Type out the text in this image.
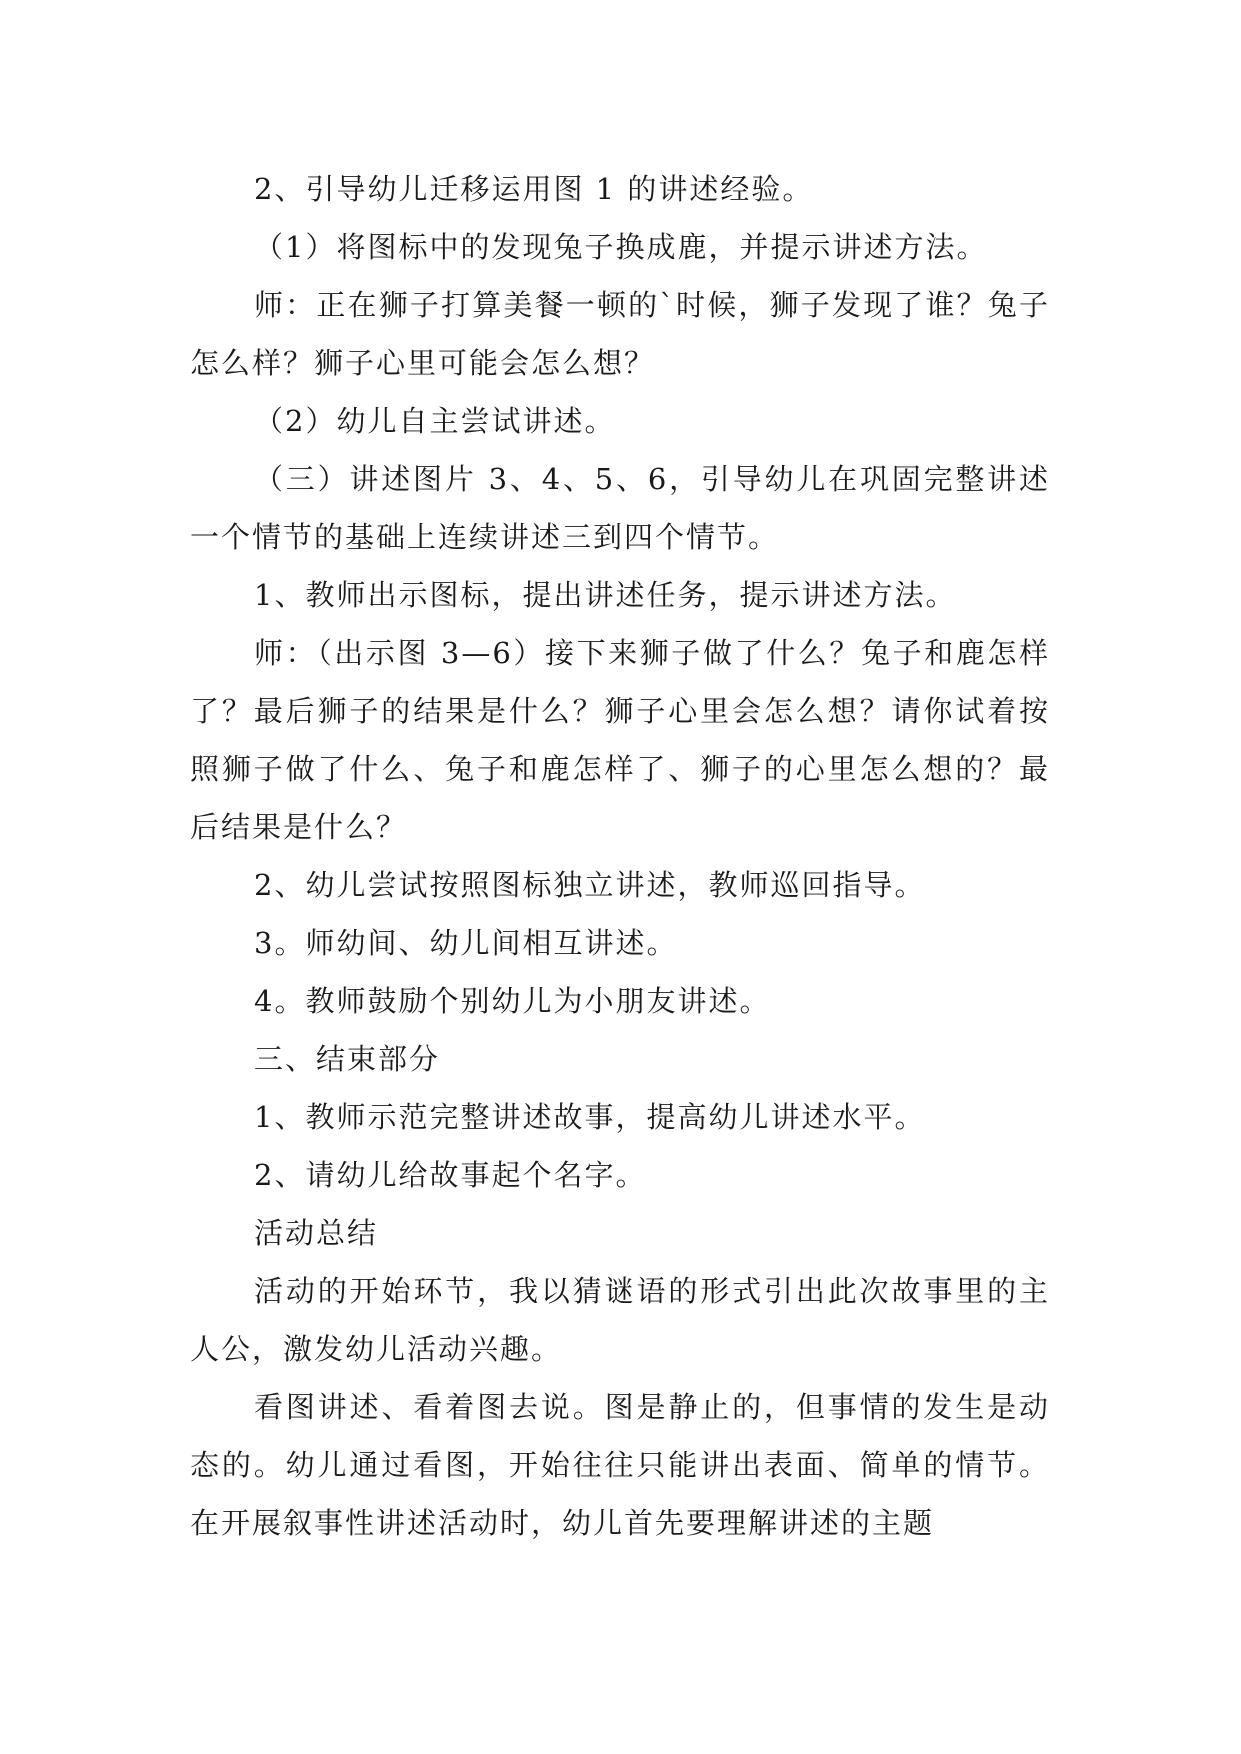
2、引导幼儿迁移运用图 1 的讲述经验。

（1）将图标中的发现兔子换成鹿，并提示讲述方法。

师：正在狮子打算美餐一顿的`时候，狮子发现了谁？兔子怎么样？狮子心里可能会怎么想？

（2）幼儿自主尝试讲述。

（三）讲述图片 3、4、5、6，引导幼儿在巩固完整讲述一个情节的基础上连续讲述三到四个情节。

1、教师出示图标，提出讲述任务，提示讲述方法。

师：（出示图 3—6）接下来狮子做了什么？兔子和鹿怎样了？最后狮子的结果是什么？狮子心里会怎么想？请你试着按照狮子做了什么、兔子和鹿怎样了、狮子的心里怎么想的？最后结果是什么？

2、幼儿尝试按照图标独立讲述，教师巡回指导。

3。师幼间、幼儿间相互讲述。

4。教师鼓励个别幼儿为小朋友讲述。

三、结束部分

1、教师示范完整讲述故事，提高幼儿讲述水平。

2、请幼儿给故事起个名字。

活动总结

活动的开始环节，我以猜谜语的形式引出此次故事里的主人公，激发幼儿活动兴趣。

看图讲述、看着图去说。图是静止的，但事情的发生是动态的。幼儿通过看图，开始往往只能讲出表面、简单的情节。在开展叙事性讲述活动时，幼儿首先要理解讲述的主题
